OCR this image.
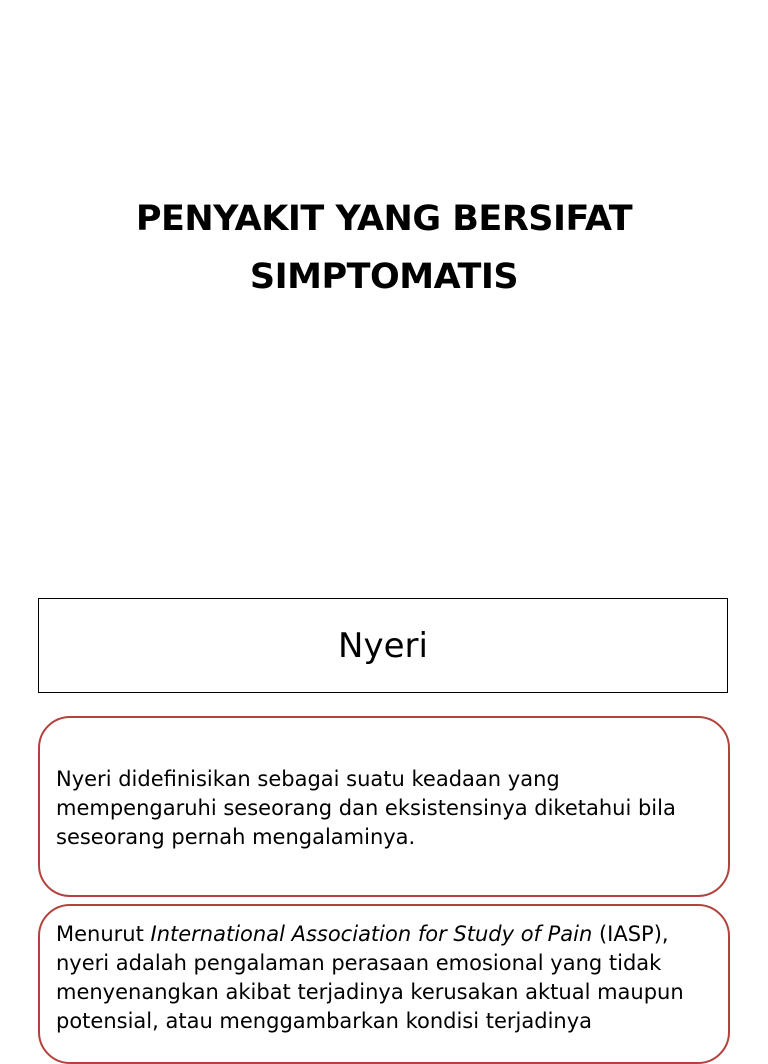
PENYAKIT YANG BERSIFAT
SIMPTOMATIS
Nyeri

Nyeri didefinisikan sebagai suatu keadaan yang mempengaruhi seseorang dan eksistensinya diketahui bila seseorang pernah mengalaminya.

Menurut International Association for Study of Pain (IASP), nyeri adalah pengalaman perasaan emosional yang tidak menyenangkan akibat terjadinya kerusakan aktual maupun potensial, atau menggambarkan kondisi terjadinya
